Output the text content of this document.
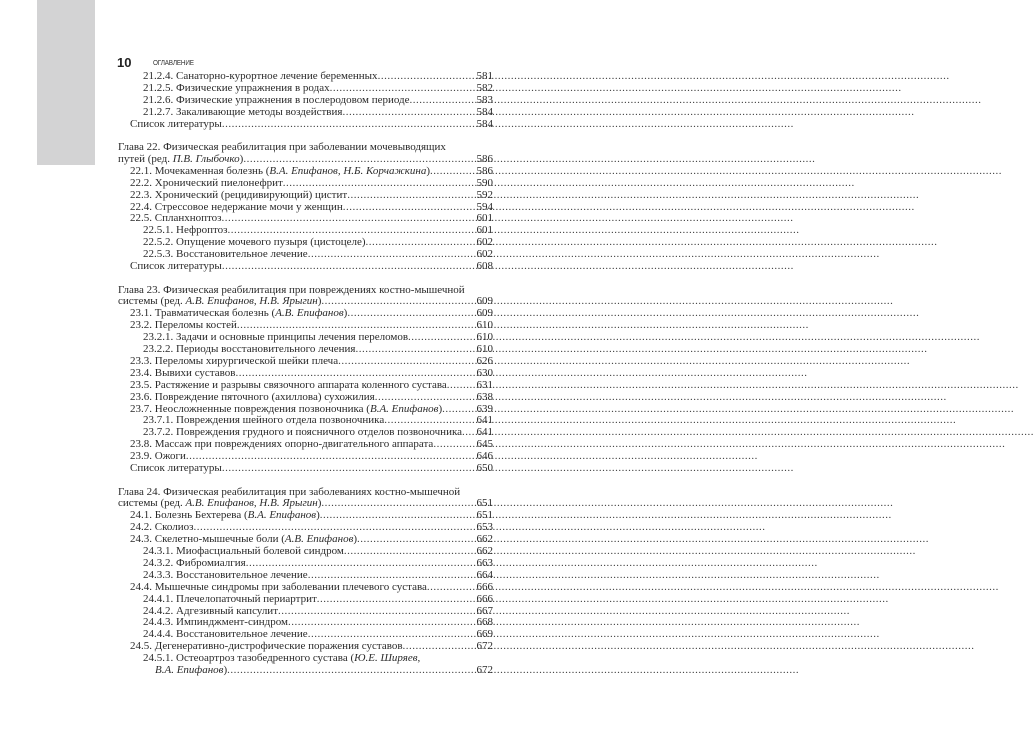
10	ОГЛАВЛЕНИЕ
21.2.4. Санаторно-курортное лечение беременных .....	581
21.2.5. Физические упражнения в родах .....	582
21.2.6. Физические упражнения в послеродовом периоде .....	583
21.2.7. Закаливающие методы воздействия .....	584
Список литературы .....	584
Глава 22. Физическая реабилитация при заболевании мочевыводящих
путей (ред. П.В. Глыбочко) .....	586
22.1. Мочекаменная болезнь (В.А. Епифанов, Н.Б. Корчажкина) .....	586
22.2. Хронический пиелонефрит .....	590
22.3. Хронический (рецидивирующий) цистит .....	592
22.4. Стрессовое недержание мочи у женщин .....	594
22.5. Спланхноптоз .....	601
22.5.1. Нефроптоз .....	601
22.5.2. Опущение мочевого пузыря (цистоцеле) .....	602
22.5.3. Восстановительное лечение .....	602
Список литературы .....	608
Глава 23. Физическая реабилитация при повреждениях костно-мышечной
системы (ред. А.В. Епифанов, Н.В. Ярыгин) .....	609
23.1. Травматическая болезнь (А.В. Епифанов) .....	609
23.2. Переломы костей .....	610
23.2.1. Задачи и основные принципы лечения переломов .....	610
23.2.2. Периоды восстановительного лечения .....	610
23.3. Переломы хирургической шейки плеча .....	626
23.4. Вывихи суставов .....	630
23.5. Растяжение и разрывы связочного аппарата коленного сустава .....	631
23.6. Повреждение пяточного (ахиллова) сухожилия .....	638
23.7. Неосложненные повреждения позвоночника (В.А. Епифанов) .....	639
23.7.1. Повреждения шейного отдела позвоночника .....	641
23.7.2. Повреждения грудного и поясничного отделов позвоночника ..... 641
23.8. Массаж при повреждениях опорно-двигательного аппарата .....	645
23.9. Ожоги .....	646
Список литературы .....	650
Глава 24. Физическая реабилитация при заболеваниях костно-мышечной
системы (ред. А.В. Епифанов, Н.В. Ярыгин) .....	651
24.1. Болезнь Бехтерева (В.А. Епифанов) .....	651
24.2. Сколиоз .....	653
24.3. Скелетно-мышечные боли (А.В. Епифанов) .....	662
24.3.1. Миофасциальный болевой синдром .....	662
24.3.2. Фибромиалгия .....	663
24.3.3. Восстановительное лечение .....	664
24.4. Мышечные синдромы при заболевании плечевого сустава .....	666
24.4.1. Плечелопаточный периартрит .....	666
24.4.2. Адгезивный капсулит .....	667
24.4.3. Импинджмент-синдром .....	668
24.4.4. Восстановительное лечение .....	669
24.5. Дегенеративно-дистрофические поражения суставов .....	672
24.5.1. Остеоартроз тазобедренного сустава (Ю.Е. Ширяев,
В.А. Епифанов) .....	672
